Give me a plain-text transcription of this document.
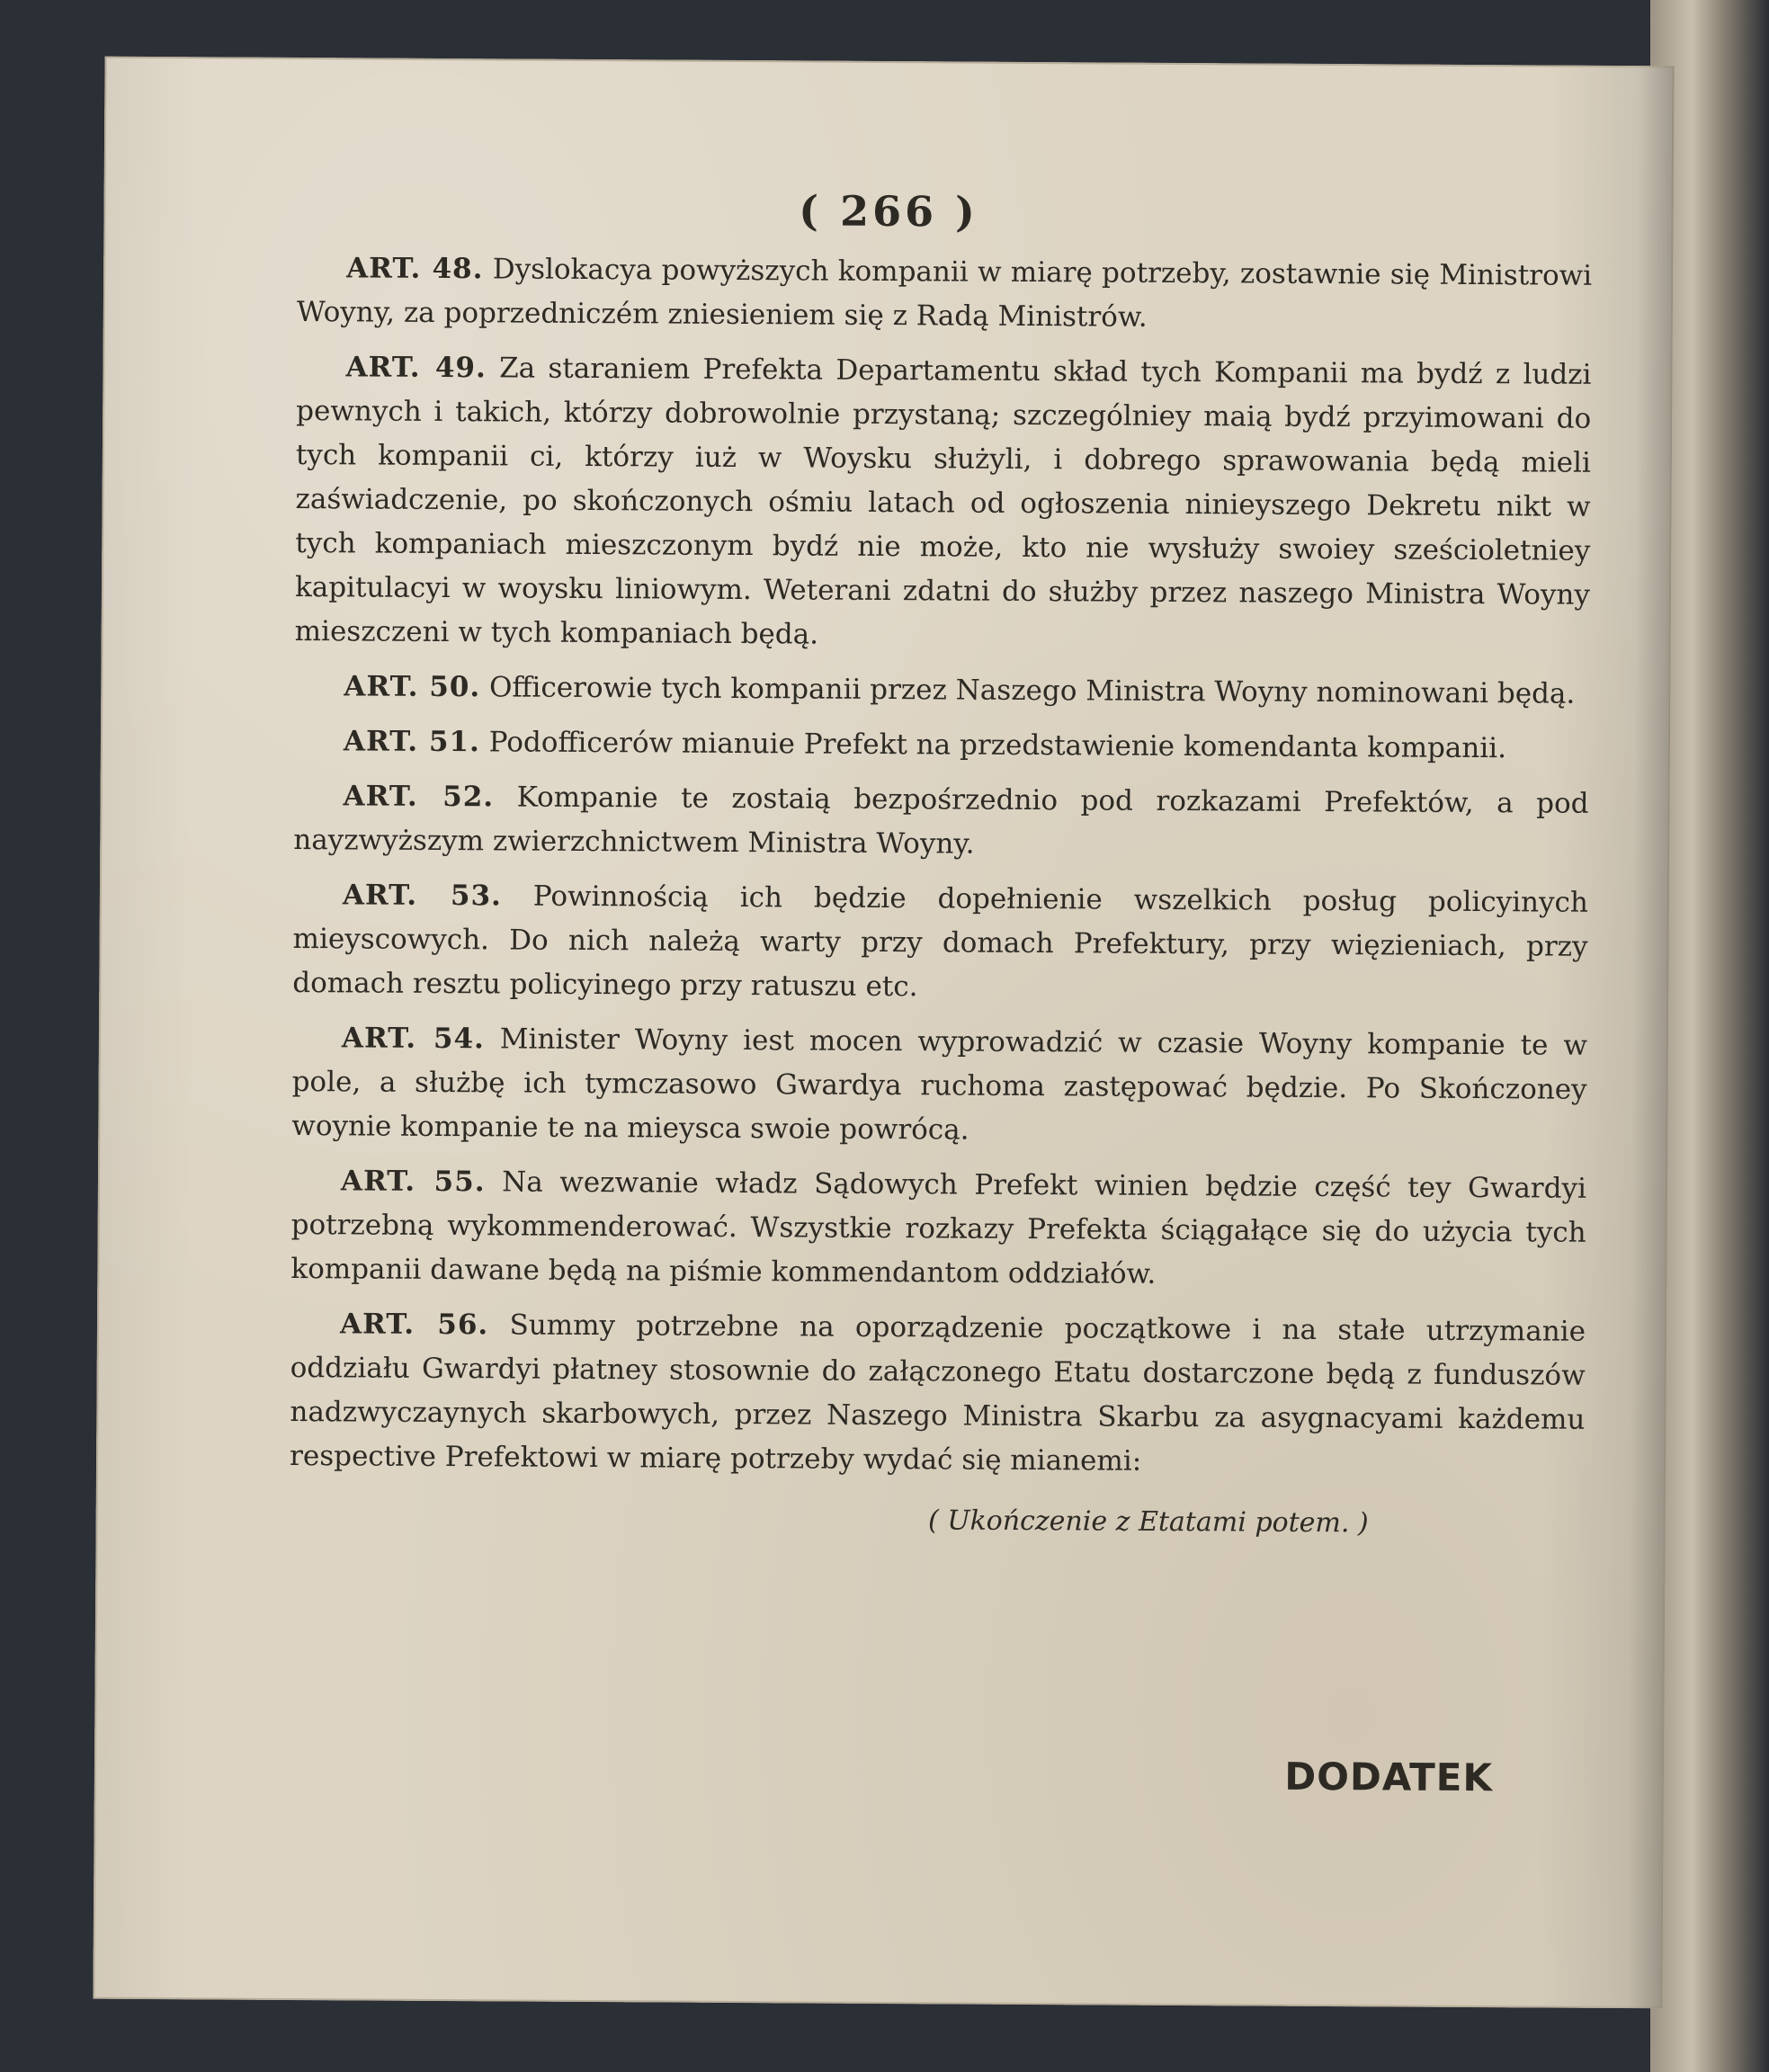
( 266 )

ART. 48. Dyslokacya powyższych kompanii w miarę potrzeby, zostawnie się Ministrowi Woyny, za poprzedniczém zniesieniem się z Radą Ministrów.

ART. 49. Za staraniem Prefekta Departamentu skład tych Kompanii ma bydź z ludzi pewnych i takich, którzy dobrowolnie przystaną; szczególniey maią bydź przyimowani do tych kompanii ci, którzy iuż w Woysku służyli, i dobrego sprawowania będą mieli zaświadczenie, po skończonych ośmiu latach od ogłoszenia ninieyszego Dekretu nikt w tych kompaniach mieszczonym bydź nie może, kto nie wysłuży swoiey sześcioletniey kapitulacyi w woysku liniowym. Weterani zdatni do służby przez naszego Ministra Woyny mieszczeni w tych kompaniach będą.

ART. 50. Officerowie tych kompanii przez Naszego Ministra Woyny nominowani będą.

ART. 51. Podofficerów mianuie Prefekt na przedstawienie komendanta kompanii.

ART. 52. Kompanie te zostaią bezpośrzednio pod rozkazami Prefektów, a pod nayzwyższym zwierzchnictwem Ministra Woyny.

ART. 53. Powinnością ich będzie dopełnienie wszelkich posług policyinych mieyscowych. Do nich należą warty przy domach Prefektury, przy więzieniach, przy domach resztu policyinego przy ratuszu etc.

ART. 54. Minister Woyny iest mocen wyprowadzić w czasie Woyny kompanie te w pole, a służbę ich tymczasowo Gwardya ruchoma zastępować będzie. Po Skończoney woynie kompanie te na mieysca swoie powrócą.

ART. 55. Na wezwanie władz Sądowych Prefekt winien będzie część tey Gwardyi potrzebną wykommenderować. Wszystkie rozkazy Prefekta ściągałące się do użycia tych kompanii dawane będą na piśmie kommendantom oddziałów.

ART. 56. Summy potrzebne na oporządzenie początkowe i na stałe utrzymanie oddziału Gwardyi płatney stosownie do załączonego Etatu dostarczone będą z funduszów nadzwyczaynych skarbowych, przez Naszego Ministra Skarbu za asygnacyami każdemu respective Prefektowi w miarę potrzeby wydać się mianemi:

( Ukończenie z Etatami potem. )
DODATEK
